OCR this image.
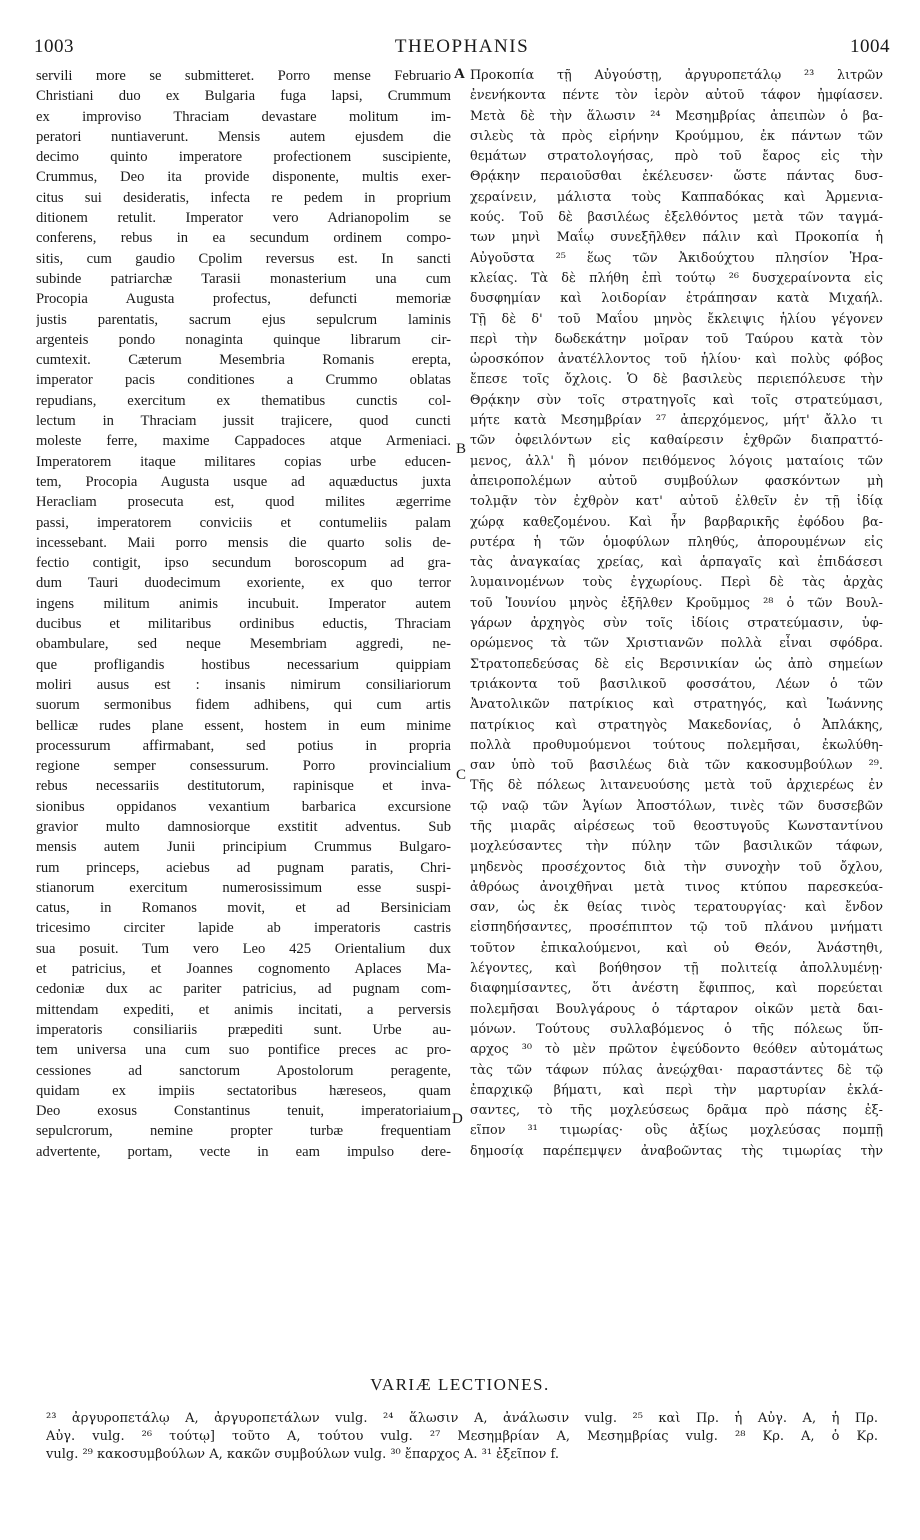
1003	THEOPHANIS	1004
servili more se submitteret. Porro mense Februario
Christiani duo ex Bulgaria fuga lapsi, Crummum
ex improviso Thraciam devastare molitum im-
peratori nuntiaverunt. Mensis autem ejusdem die
decimo quinto imperatore profectionem suscipiente,
Crummus, Deo ita provide disponente, multis exer-
citus sui desideratis, infecta re pedem in proprium
ditionem retulit. Imperator vero Adrianopolim se
conferens, rebus in ea secundum ordinem compo-
sitis, cum gaudio Cpolim reversus est. In sancti
subinde patriarchæ Tarasii monasterium una cum
Procopia Augusta profectus, defuncti memoriæ
justis parentatis, sacrum ejus sepulcrum laminis
argenteis pondo nonaginta quinque librarum cir-
cumtexit. Cæterum Mesembria Romanis erepta,
imperator pacis conditiones a Crummo oblatas
repudians, exercitum ex thematibus cunctis col-
lectum in Thraciam jussit trajicere, quod cuncti
moleste ferre, maxime Cappadoces atque Armeniaci.
Imperatorem itaque militares copias urbe educen-
tem, Procopia Augusta usque ad aquæductus juxta
Heracliam prosecuta est, quod milites ægerrime
passi, imperatorem conviciis et contumeliis palam
incessebant. Maii porro mensis die quarto solis de-
fectio contigit, ipso secundum boroscopum ad gra-
dum Tauri duodecimum exoriente, ex quo terror
ingens militum animis incubuit. Imperator autem
ducibus et militaribus ordinibus eductis, Thraciam
obambulare, sed neque Mesembriam aggredi, ne-
que profligandis hostibus necessarium quippiam
moliri ausus est : insanis nimirum consiliariorum
suorum sermonibus fidem adhibens, qui cum artis
bellicæ rudes plane essent, hostem in eum minime
processurum affirmabant, sed potius in propria
regione semper consessurum. Porro provincialium
rebus necessariis destitutorum, rapinisque et inva-
sionibus oppidanos vexantium barbarica excursione
gravior multo damnosiorque exstitit adventus. Sub
mensis autem Junii principium Crummus Bulgaro-
rum princeps, aciebus ad pugnam paratis, Chri-
stianorum exercitum numerosissimum esse suspi-
catus, in Romanos movit, et ad Bersiniciam
tricesimo circiter lapide ab imperatoris castris
sua posuit. Tum vero Leo 425 Orientalium dux
et patricius, et Joannes cognomento Aplaces Ma-
cedoniæ dux ac pariter patricius, ad pugnam com-
mittendam expediti, et animis incitati, a perversis
imperatoris consiliariis præpediti sunt. Urbe au-
tem universa una cum suo pontifice preces ac pro-
cessiones ad sanctorum Apostolorum peragente,
quidam ex impiis sectatoribus hæreseos, quam
Deo exosus Constantinus tenuit, imperatoriaium
sepulcrorum, nemine propter turbæ frequentiam
advertente, portam, vecte in eam impulso dere-
Προκοπία τῇ Αὐγούστῃ, ἀργυροπετάλῳ ²³ λιτρῶν
ἐνενήκοντα πέντε τὸν ἱερὸν αὐτοῦ τάφον ἠμφίασεν.
Μετὰ δὲ τὴν ἅλωσιν ²⁴ Μεσημβρίας ἀπειπὼν ὁ βα-
σιλεὺς τὰ πρὸς εἰρήνην Κρούμμου, ἐκ πάντων τῶν
θεμάτων στρατολογήσας, πρὸ τοῦ ἔαρος εἰς τὴν
Θρᾴκην περαιοῦσθαι ἐκέλευσεν· ὥστε πάντας δυσ-
χεραίνειν, μάλιστα τοὺς Καππαδόκας καὶ Ἀρμενια-
κούς. Τοῦ δὲ βασιλέως ἐξελθόντος μετὰ τῶν ταγμά-
των μηνὶ Μαΐῳ συνεξῆλθεν πάλιν καὶ Προκοπία ἡ
Αὐγοῦστα ²⁵ ἕως τῶν Ἀκιδούχτου πλησίον Ἡρα-
κλείας. Τὰ δὲ πλήθη ἐπὶ τούτῳ ²⁶ δυσχεραίνοντα εἰς
δυσφημίαν καὶ λοιδορίαν ἐτράπησαν κατὰ Μιχαήλ.
Τῇ δὲ δ' τοῦ Μαΐου μηνὸς ἔκλειψις ἡλίου γέγονεν
περὶ τὴν δωδεκάτην μοῖραν τοῦ Ταύρου κατὰ τὸν
ὡροσκόπον ἀνατέλλοντος τοῦ ἡλίου· καὶ πολὺς φόβος
ἔπεσε τοῖς ὄχλοις. Ὁ δὲ βασιλεὺς περιεπόλευσε τὴν
Θρᾴκην σὺν τοῖς στρατηγοῖς καὶ τοῖς στρατεύμασι,
μήτε κατὰ Μεσημβρίαν ²⁷ ἀπερχόμενος, μήτ' ἄλλο τι
τῶν ὀφειλόντων εἰς καθαίρεσιν ἐχθρῶν διαπραττό-
μενος, ἀλλ' ἢ μόνον πειθόμενος λόγοις ματαίοις τῶν
ἀπειροπολέμων αὐτοῦ συμβούλων φασκόντων μὴ
τολμᾷν τὸν ἐχθρὸν κατ' αὐτοῦ ἐλθεῖν ἐν τῇ ἰδίᾳ
χώρᾳ καθεζομένου. Καὶ ἦν βαρβαρικῆς ἐφόδου βα-
ρυτέρα ἡ τῶν ὁμοφύλων πληθύς, ἀπορουμένων εἰς
τὰς ἀναγκαίας χρείας, καὶ ἁρπαγαῖς καὶ ἐπιδάσεσι
λυμαινομένων τοὺς ἐγχωρίους. Περὶ δὲ τὰς ἀρχὰς
τοῦ Ἰουνίου μηνὸς ἐξῆλθεν Κροῦμμος ²⁸ ὁ τῶν Βουλ-
γάρων ἀρχηγὸς σὺν τοῖς ἰδίοις στρατεύμασιν, ὑφ-
ορώμενος τὰ τῶν Χριστιανῶν πολλὰ εἶναι σφόδρα.
Στρατοπεδεύσας δὲ εἰς Βερσινικίαν ὡς ἀπὸ σημείων
τριάκοντα τοῦ βασιλικοῦ φοσσάτου, Λέων ὁ τῶν
Ἀνατολικῶν πατρίκιος καὶ στρατηγός, καὶ Ἰωάννης
πατρίκιος καὶ στρατηγὸς Μακεδονίας, ὁ Ἀπλάκης,
πολλὰ προθυμούμενοι τούτους πολεμῆσαι, ἐκωλύθη-
σαν ὑπὸ τοῦ βασιλέως διὰ τῶν κακοσυμβούλων ²⁹.
Τῆς δὲ πόλεως λιτανευούσης μετὰ τοῦ ἀρχιερέως ἐν
τῷ ναῷ τῶν Ἁγίων Ἀποστόλων, τινὲς τῶν δυσσεβῶν
τῆς μιαρᾶς αἱρέσεως τοῦ θεοστυγοῦς Κωνσταντίνου
μοχλεύσαντες τὴν πύλην τῶν βασιλικῶν τάφων,
μηδενὸς προσέχοντος διὰ τὴν συνοχὴν τοῦ ὄχλου,
ἀθρόως ἀνοιχθῆναι μετὰ τινος κτύπου παρεσκεύα-
σαν, ὡς ἐκ θείας τινὸς τερατουργίας· καὶ ἔνδον
εἰσπηδήσαντες, προσέπιπτον τῷ τοῦ πλάνου μνήματι
τοῦτον ἐπικαλούμενοι, καὶ οὐ Θεόν, Ἀνάστηθι,
λέγοντες, καὶ βοήθησον τῇ πολιτείᾳ ἀπολλυμένῃ·
διαφημίσαντες, ὅτι ἀνέστη ἔφιππος, καὶ πορεύεται
πολεμῆσαι Βουλγάρους ὁ τάρταρον οἰκῶν μετὰ δαι-
μόνων. Τούτους συλλαβόμενος ὁ τῆς πόλεως ὕπ-
αρχος ³⁰ τὸ μὲν πρῶτον ἐψεύδοντο θεόθεν αὐτομάτως
τὰς τῶν τάφων πύλας ἀνεῴχθαι· παραστάντες δὲ τῷ
ἐπαρχικῷ βήματι, καὶ περὶ τὴν μαρτυρίαν ἐκλά-
σαντες, τὸ τῆς μοχλεύσεως δρᾶμα πρὸ πάσης ἐξ-
εῖπον ³¹ τιμωρίας· οὓς ἀξίως μοχλεύσας πομπῇ
δημοσίᾳ παρέπεμψεν ἀναβοῶντας τὴς τιμωρίας τὴν
A
B
C
D
VARIÆ LECTIONES.
²³ ἀργυροπετάλῳ A, ἀργυροπετάλων vulg. ²⁴ ἅλωσιν A, ἀνάλωσιν vulg. ²⁵ καὶ Πρ. ἡ Αὐγ. A, ἡ Πρ.
Αὐγ. vulg. ²⁶ τούτῳ] τοῦτο A, τούτου vulg. ²⁷ Μεσημβρίαν A, Μεσημβρίας vulg. ²⁸ Κρ. A, ὁ Κρ.
vulg. ²⁹ κακοσυμβούλων A, κακῶν συμβούλων vulg. ³⁰ ἔπαρχος A. ³¹ ἐξεῖπον f.
